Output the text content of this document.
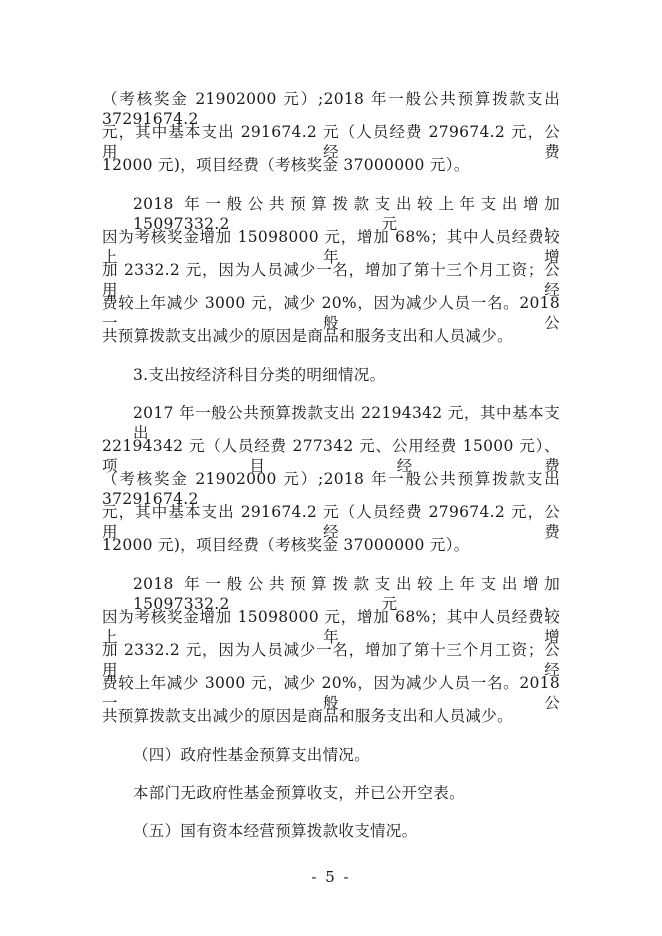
（考核奖金 21902000 元）;2018 年一般公共预算拨款支出 37291674.2
元，其中基本支出 291674.2 元（人员经费 279674.2 元，公用经费
12000 元)，项目经费（考核奖金 37000000 元）。
2018 年一般公共预算拨款支出较上年支出增加 15097332.2 元，
因为考核奖金增加 15098000 元，增加 68%；其中人员经费较上年增
加 2332.2 元，因为人员减少一名，增加了第十三个月工资；公用经
费较上年减少 3000 元，减少 20%，因为减少人员一名。2018 一般公
共预算拨款支出减少的原因是商品和服务支出和人员减少。
3.支出按经济科目分类的明细情况。
2017 年一般公共预算拨款支出 22194342 元，其中基本支出
22194342 元（人员经费 277342 元、公用经费 15000 元）、项目经费
（考核奖金 21902000 元）;2018 年一般公共预算拨款支出 37291674.2
元，其中基本支出 291674.2 元（人员经费 279674.2 元，公用经费
12000 元)，项目经费（考核奖金 37000000 元）。
2018 年一般公共预算拨款支出较上年支出增加 15097332.2 元，
因为考核奖金增加 15098000 元，增加 68%；其中人员经费较上年增
加 2332.2 元，因为人员减少一名，增加了第十三个月工资；公用经
费较上年减少 3000 元，减少 20%，因为减少人员一名。2018 一般公
共预算拨款支出减少的原因是商品和服务支出和人员减少。
（四）政府性基金预算支出情况。
本部门无政府性基金预算收支，并已公开空表。
（五）国有资本经营预算拨款收支情况。
- 5 -
